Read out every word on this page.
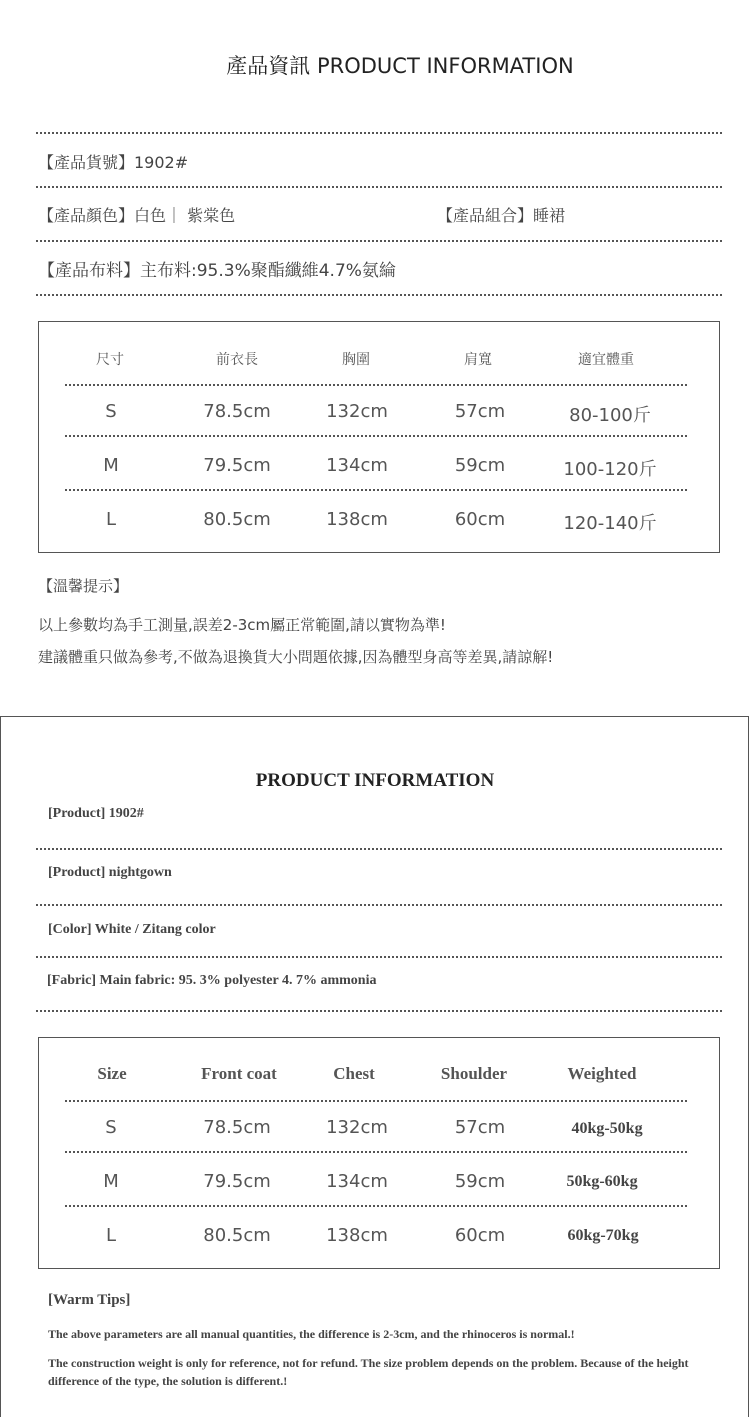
產品資訊 PRODUCT INFORMATION
【產品貨號】1902#
【產品顏色】白色｜ 紫棠色	【產品組合】睡裙
【產品布料】主布料:95.3%聚酯纖維4.7%氨綸
尺寸	前衣長	胸圍	肩寬	適宜體重
S	78.5cm	132cm	57cm	80-100斤
M	79.5cm	134cm	59cm	100-120斤
L	80.5cm	138cm	60cm	120-140斤
【溫馨提示】
以上參數均為手工測量,誤差2-3cm屬正常範圍,請以實物為準!
建議體重只做為參考,不做為退換貨大小問題依據,因為體型身高等差異,請諒解!
PRODUCT INFORMATION
[Product] 1902#
[Product] nightgown
[Color] White / Zitang color
[Fabric] Main fabric: 95. 3% polyester 4. 7% ammonia
Size	Front coat	Chest	Shoulder	Weighted
S	78.5cm	132cm	57cm	40kg-50kg
M	79.5cm	134cm	59cm	50kg-60kg
L	80.5cm	138cm	60cm	60kg-70kg
[Warm Tips]
The above parameters are all manual quantities, the difference is 2-3cm, and the rhinoceros is normal.!
The construction weight is only for reference, not for refund. The size problem depends on the problem. Because of the height difference of the type, the solution is different.!
